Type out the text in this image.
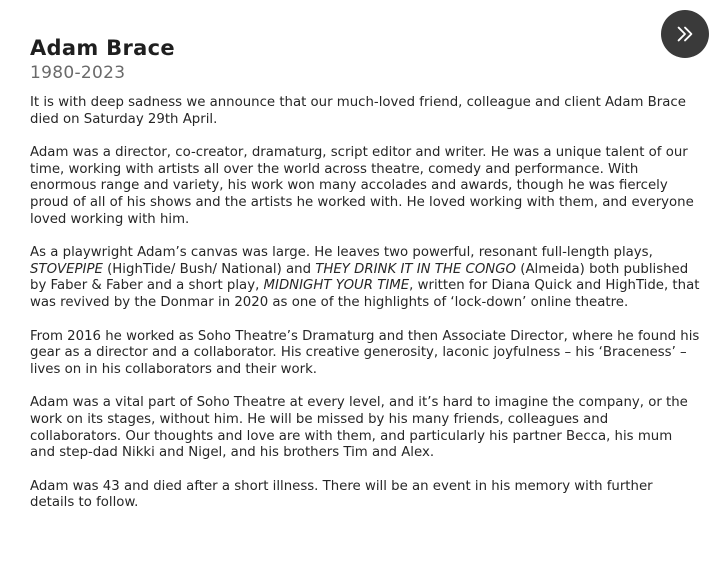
Adam Brace
1980-2023

It is with deep sadness we announce that our much-loved friend, colleague and client Adam Brace died on Saturday 29th April.

Adam was a director, co-creator, dramaturg, script editor and writer. He was a unique talent of our time, working with artists all over the world across theatre, comedy and performance. With enormous range and variety, his work won many accolades and awards, though he was fiercely proud of all of his shows and the artists he worked with. He loved working with them, and everyone loved working with him.

As a playwright Adam’s canvas was large. He leaves two powerful, resonant full-length plays, STOVEPIPE (HighTide/ Bush/ National) and THEY DRINK IT IN THE CONGO (Almeida) both published by Faber & Faber and a short play, MIDNIGHT YOUR TIME, written for Diana Quick and HighTide, that was revived by the Donmar in 2020 as one of the highlights of ‘lock-down’ online theatre.

From 2016 he worked as Soho Theatre’s Dramaturg and then Associate Director, where he found his gear as a director and a collaborator. His creative generosity, laconic joyfulness – his ‘Braceness’ – lives on in his collaborators and their work.

Adam was a vital part of Soho Theatre at every level, and it’s hard to imagine the company, or the work on its stages, without him. He will be missed by his many friends, colleagues and collaborators. Our thoughts and love are with them, and particularly his partner Becca, his mum and step-dad Nikki and Nigel, and his brothers Tim and Alex.

Adam was 43 and died after a short illness. There will be an event in his memory with further details to follow.
